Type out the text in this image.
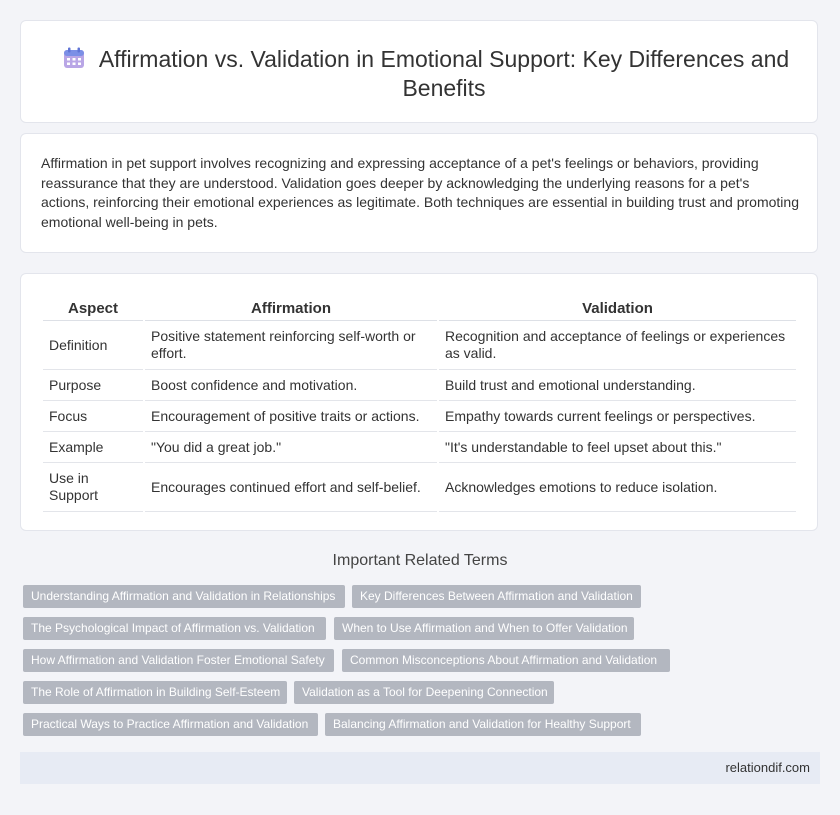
Affirmation vs. Validation in Emotional Support: Key Differences and Benefits

Affirmation in pet support involves recognizing and expressing acceptance of a pet's feelings or behaviors, providing reassurance that they are understood. Validation goes deeper by acknowledging the underlying reasons for a pet's actions, reinforcing their emotional experiences as legitimate. Both techniques are essential in building trust and promoting emotional well-being in pets.

Aspect	Affirmation	Validation
Definition	Positive statement reinforcing self-worth or effort.	Recognition and acceptance of feelings or experiences as valid.
Purpose	Boost confidence and motivation.	Build trust and emotional understanding.
Focus	Encouragement of positive traits or actions.	Empathy towards current feelings or perspectives.
Example	"You did a great job."	"It's understandable to feel upset about this."
Use in Support	Encourages continued effort and self-belief.	Acknowledges emotions to reduce isolation.
Important Related Terms
Understanding Affirmation and Validation in Relationships	Key Differences Between Affirmation and Validation
The Psychological Impact of Affirmation vs. Validation	When to Use Affirmation and When to Offer Validation
How Affirmation and Validation Foster Emotional Safety	Common Misconceptions About Affirmation and Validation
The Role of Affirmation in Building Self-Esteem	Validation as a Tool for Deepening Connection
Practical Ways to Practice Affirmation and Validation	Balancing Affirmation and Validation for Healthy Support
relationdif.com
